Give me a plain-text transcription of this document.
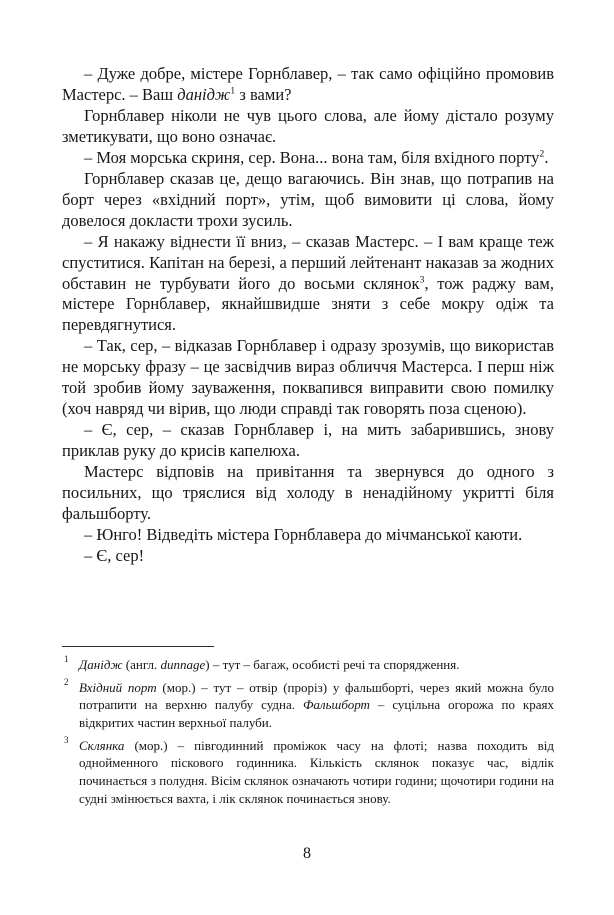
– Дуже добре, містере Горнблавер, – так само офіційно промовив Мастерс. – Ваш данідж$^1$ з вами?

Горнблавер ніколи не чув цього слова, але йому дістало розуму зметикувати, що воно означає.

– Моя морська скриня, сер. Вона... вона там, біля вхідного порту$^2$.

Горнблавер сказав це, дещо вагаючись. Він знав, що потрапив на борт через «вхідний порт», утім, щоб вимовити ці слова, йому довелося докласти трохи зусиль.

– Я накажу віднести її вниз, – сказав Мастерс. – І вам краще теж спуститися. Капітан на березі, а перший лейтенант наказав за жодних обставин не турбувати його до восьми склянок$^3$, тож раджу вам, містере Горнблавер, якнайшвидше зняти з себе мокру одіж та перевдягнутися.

– Так, сер, – відказав Горнблавер і одразу зрозумів, що використав не морську фразу – це засвідчив вираз обличчя Мастерса. І перш ніж той зробив йому зауваження, поквапився виправити свою помилку (хоч навряд чи вірив, що люди справді так говорять поза сценою).

– Є, сер, – сказав Горнблавер і, на мить забарившись, знову приклав руку до крисів капелюха.

Мастерс відповів на привітання та звернувся до одного з посильних, що тряслися від холоду в ненадійному укритті біля фальшборту.

– Юнго! Відведіть містера Горнблавера до мічманської каюти.

– Є, сер!

1 Данідж (англ. dunnage) – тут – багаж, особисті речі та спорядження.
2 Вхідний порт (мор.) – тут – отвір (проріз) у фальшборті, через який можна було потрапити на верхню палубу судна. Фальшборт – суцільна огорожа по краях відкритих частин верхньої палуби.
3 Склянка (мор.) – півгодинний проміжок часу на флоті; назва походить від однойменного піскового годинника. Кількість склянок показує час, відлік починається з полудня. Вісім склянок означають чотири години; щочотири години на судні змінюється вахта, і лік склянок починається знову.
8
